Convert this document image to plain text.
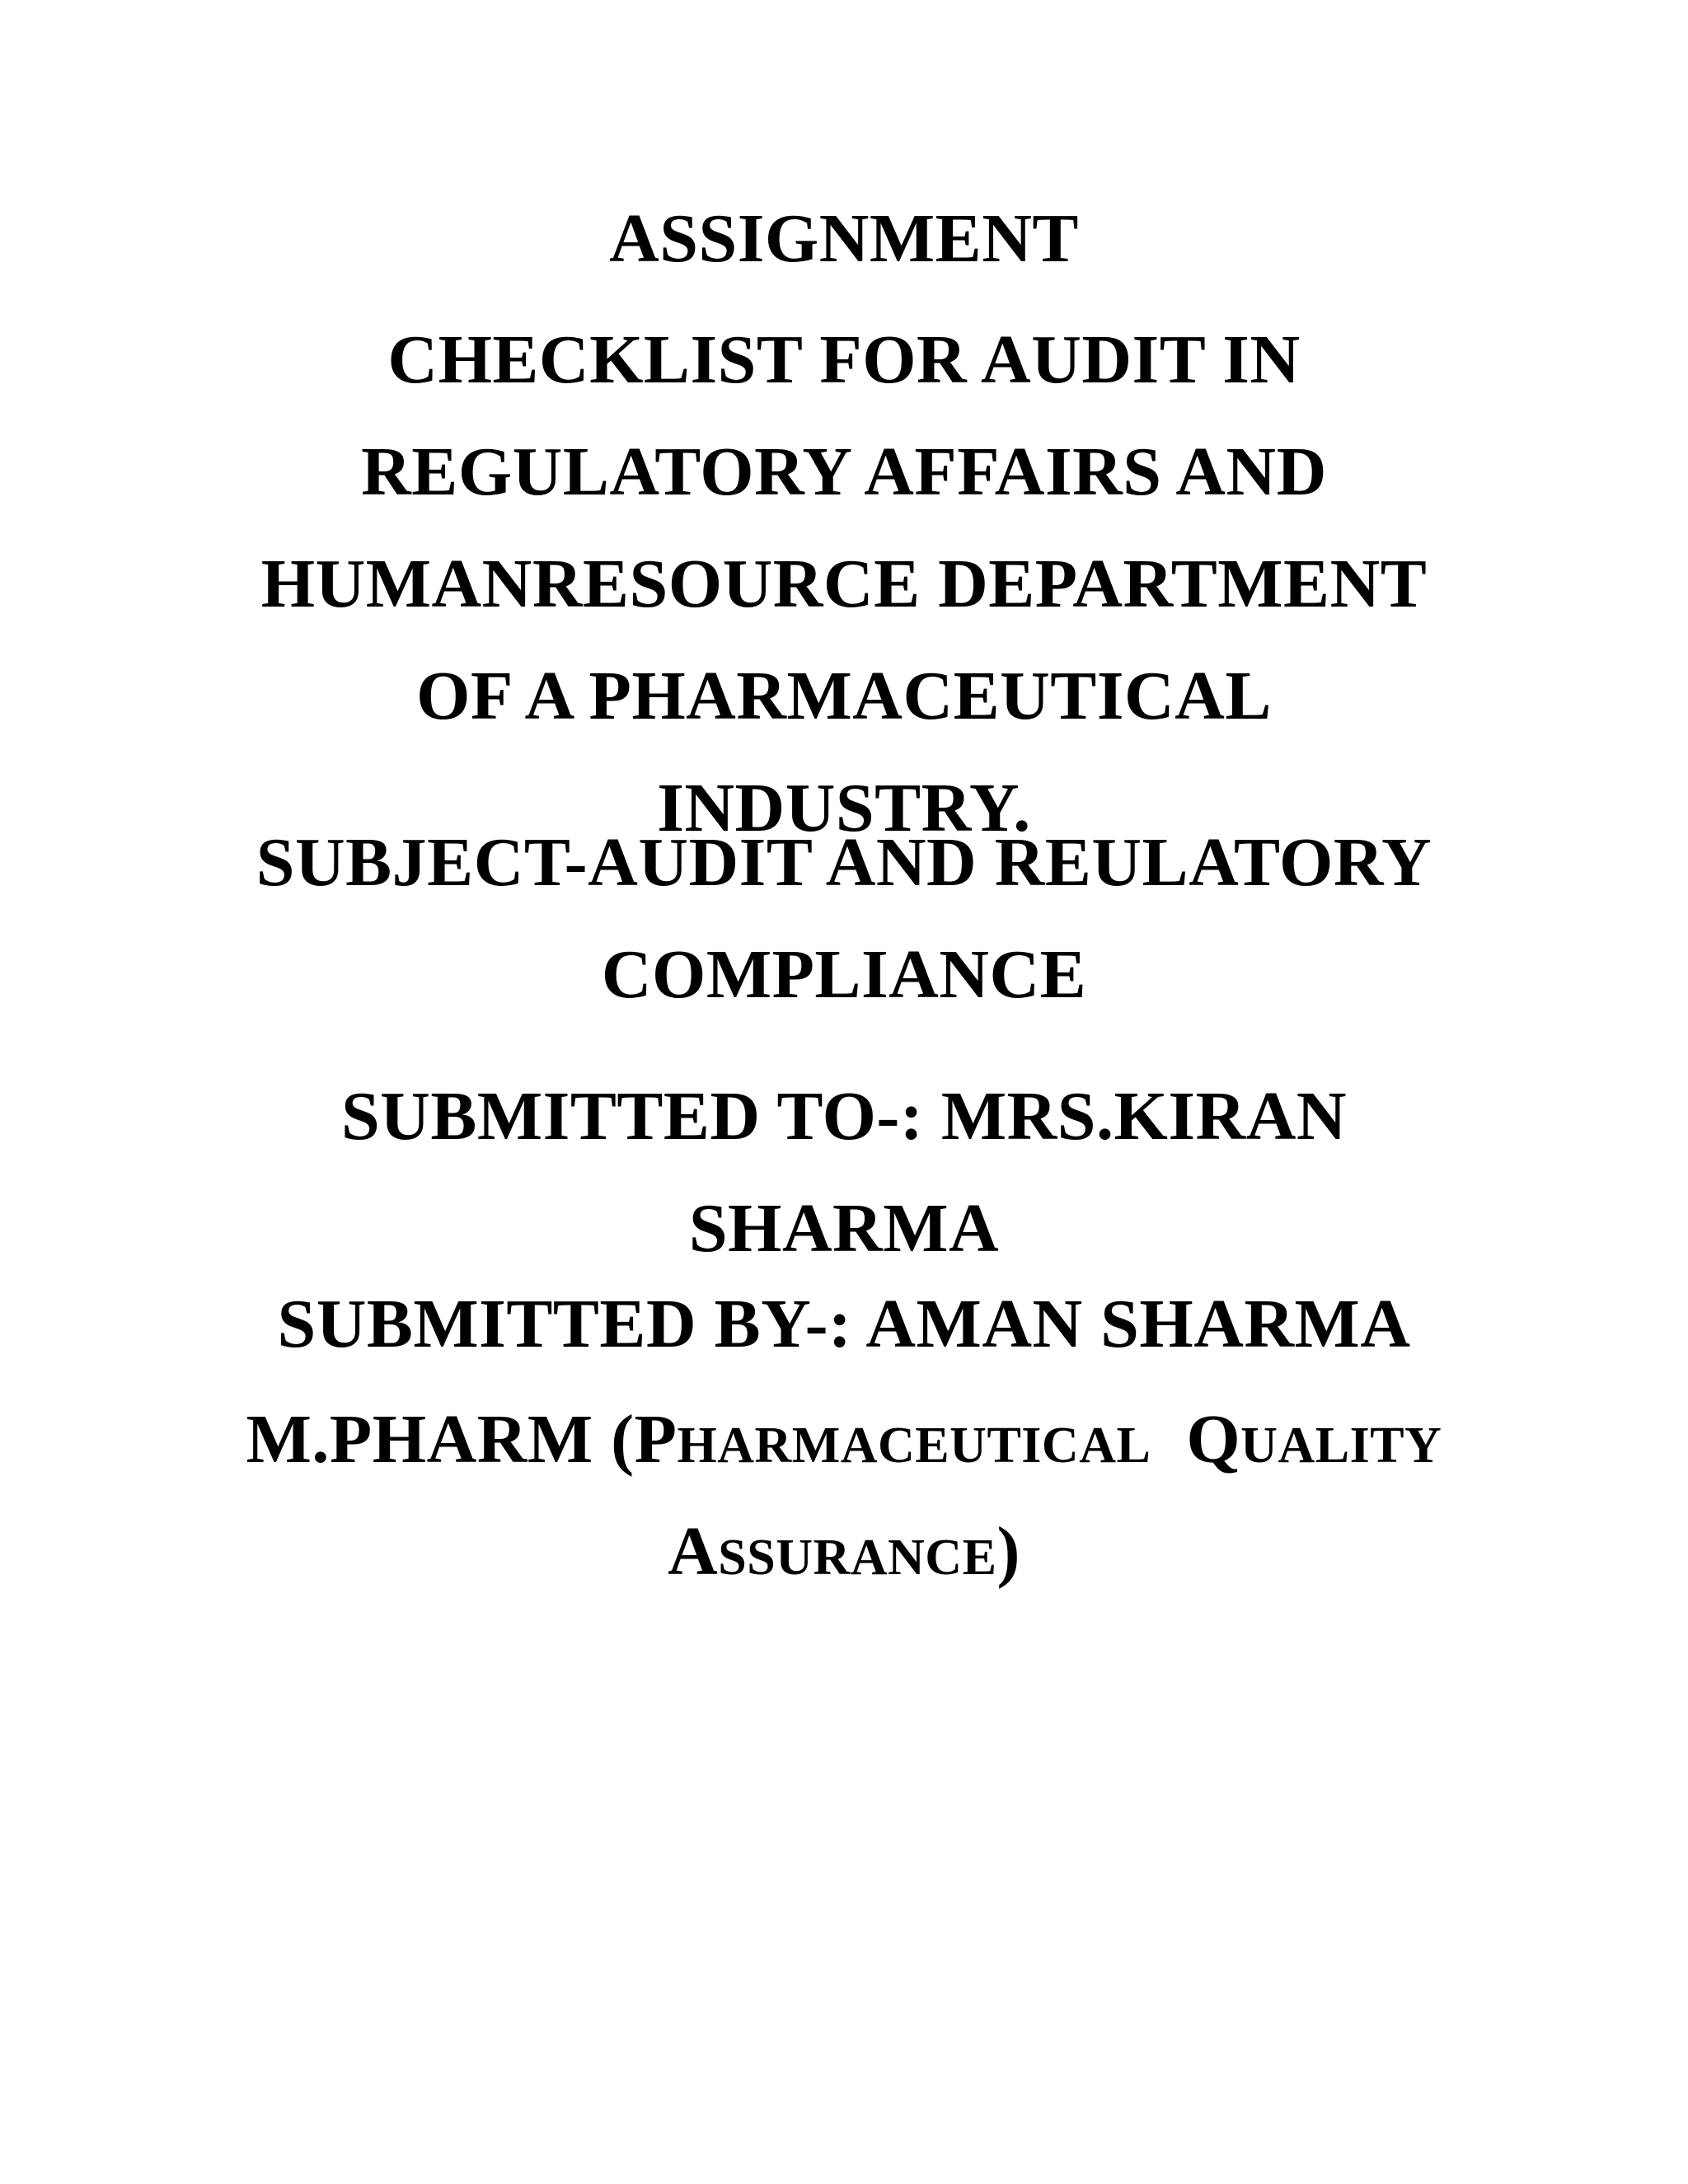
ASSIGNMENT
CHECKLIST FOR AUDIT IN
REGULATORY AFFAIRS AND
HUMANRESOURCE DEPARTMENT
OF A PHARMACEUTICAL
INDUSTRY.
SUBJECT-AUDIT AND REULATORY
COMPLIANCE
SUBMITTED TO-: MRS.KIRAN
SHARMA
SUBMITTED BY-: AMAN SHARMA
M.PHARM (PHARMACEUTICAL QUALITY
ASSURANCE)
